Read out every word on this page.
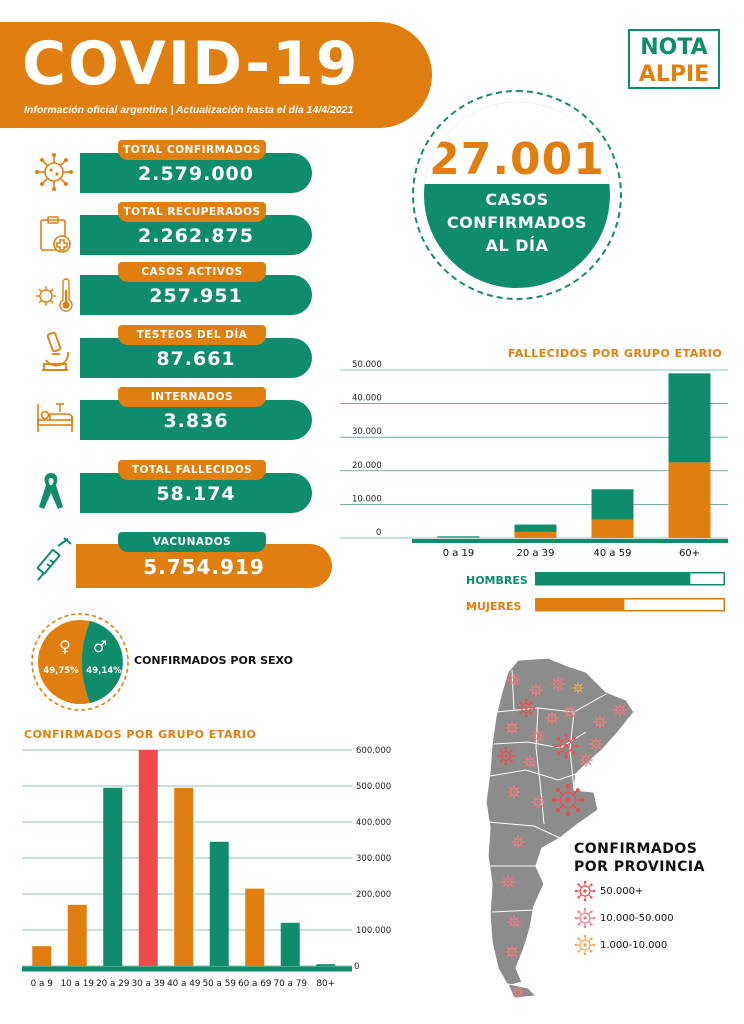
COVID-19
Información oficial argentina | Actualización hasta el día 14/4/2021
NOTA
ALPIE
27.001
CASOS
CONFIRMADOS
AL DÍA
2.579.000
TOTAL CONFIRMADOS
2.262.875
TOTAL RECUPERADOS
257.951
CASOS ACTIVOS
87.661
TESTEOS DEL DÍA
3.836
INTERNADOS
58.174
TOTAL FALLECIDOS
5.754.919
VACUNADOS
♀ ♂
49,75% 49,14%
CONFIRMADOS POR SEXO
FALLECIDOS POR GRUPO ETARIO
50.000
40.000
30.000
20.000
10.000
0
0 a 19	20 a 39	40 a 59	60+
HOMBRES
MUJERES
CONFIRMADOS POR GRUPO ETARIO
600.000
500.000
400.000
300.000
200.000
100.000
0
0 a 9 10 a 19 20 a 29 30 a 39 40 a 49 50 a 59 60 a 69 70 a 79 80+
CONFIRMADOS
POR PROVINCIA
50.000+
10.000-50.000
1.000-10.000
